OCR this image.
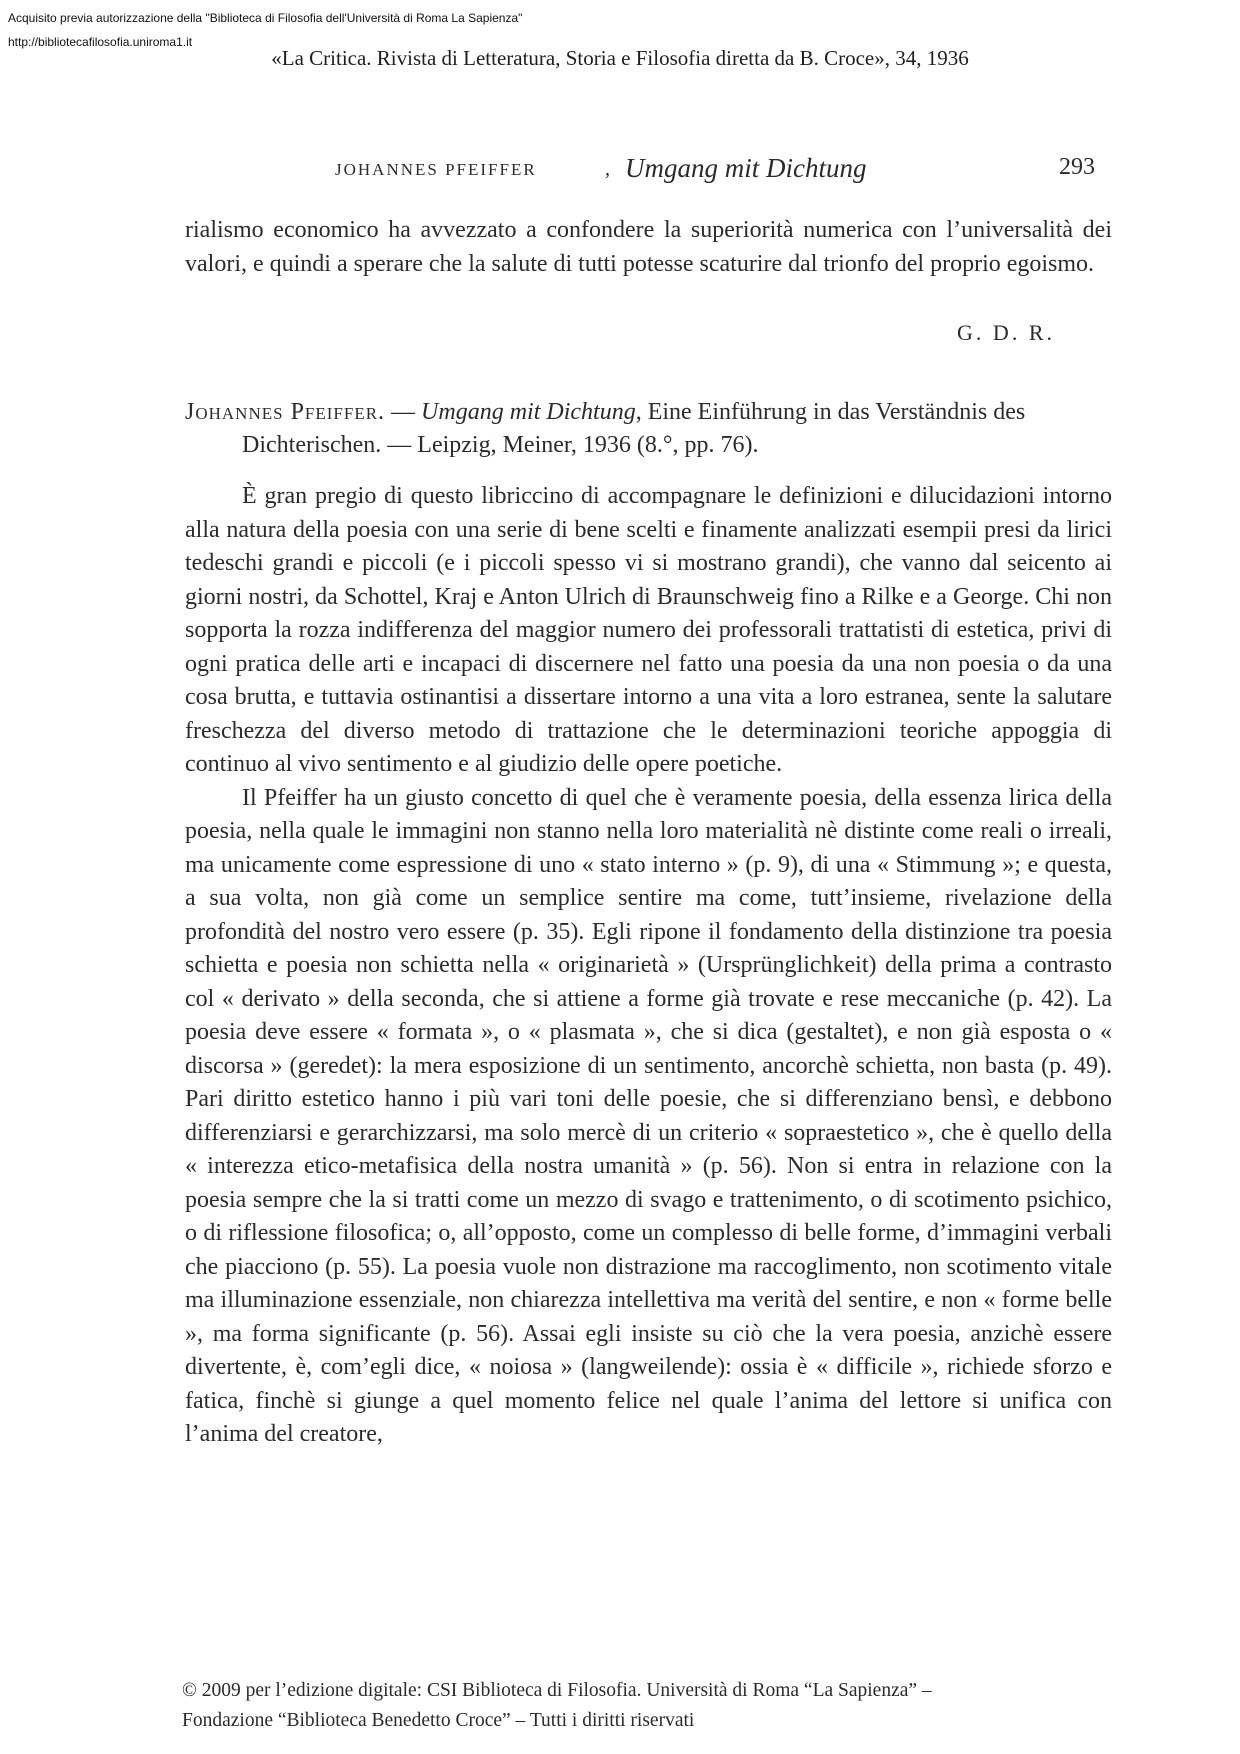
Acquisito previa autorizzazione della "Biblioteca di Filosofia dell'Università di Roma La Sapienza"
http://bibliotecafilosofia.uniroma1.it
«La Critica. Rivista di Letteratura, Storia e Filosofia diretta da B. Croce», 34, 1936
JOHANNES PFEIFFER	, Umgang mit Dichtung	293

rialismo economico ha avvezzato a confondere la superiorità numerica con l’universalità dei valori, e quindi a sperare che la salute di tutti potesse scaturire dal trionfo del proprio egoismo.

G. D. R.
Johannes Pfeiffer. — Umgang mit Dichtung, Eine Einführung in das Verständnis des Dichterischen. — Leipzig, Meiner, 1936 (8.°, pp. 76).

È gran pregio di questo libriccino di accompagnare le definizioni e dilucidazioni intorno alla natura della poesia con una serie di bene scelti e finamente analizzati esempii presi da lirici tedeschi grandi e piccoli (e i piccoli spesso vi si mostrano grandi), che vanno dal seicento ai giorni nostri, da Schottel, Kraj e Anton Ulrich di Braunschweig fino a Rilke e a George. Chi non sopporta la rozza indifferenza del maggior numero dei professorali trattatisti di estetica, privi di ogni pratica delle arti e incapaci di discernere nel fatto una poesia da una non poesia o da una cosa brutta, e tuttavia ostinantisi a dissertare intorno a una vita a loro estranea, sente la salutare freschezza del diverso metodo di trattazione che le determinazioni teoriche appoggia di continuo al vivo sentimento e al giudizio delle opere poetiche.

Il Pfeiffer ha un giusto concetto di quel che è veramente poesia, della essenza lirica della poesia, nella quale le immagini non stanno nella loro materialità nè distinte come reali o irreali, ma unicamente come espressione di uno « stato interno » (p. 9), di una « Stimmung »; e questa, a sua volta, non già come un semplice sentire ma come, tutt’insieme, rivelazione della profondità del nostro vero essere (p. 35). Egli ripone il fondamento della distinzione tra poesia schietta e poesia non schietta nella « originarietà » (Ursprünglichkeit) della prima a contrasto col « derivato » della seconda, che si attiene a forme già trovate e rese meccaniche (p. 42). La poesia deve essere « formata », o « plasmata », che si dica (gestaltet), e non già esposta o « discorsa » (geredet): la mera esposizione di un sentimento, ancorchè schietta, non basta (p. 49). Pari diritto estetico hanno i più vari toni delle poesie, che si differenziano bensì, e debbono differenziarsi e gerarchizzarsi, ma solo mercè di un criterio « sopraestetico », che è quello della « interezza etico-metafisica della nostra umanità » (p. 56). Non si entra in relazione con la poesia sempre che la si tratti come un mezzo di svago e trattenimento, o di scotimento psichico, o di riflessione filosofica; o, all’opposto, come un complesso di belle forme, d’immagini verbali che piacciono (p. 55). La poesia vuole non distrazione ma raccoglimento, non scotimento vitale ma illuminazione essenziale, non chiarezza intellettiva ma verità del sentire, e non « forme belle », ma forma significante (p. 56). Assai egli insiste su ciò che la vera poesia, anzichè essere divertente, è, com’egli dice, « noiosa » (langweilende): ossia è « difficile », richiede sforzo e fatica, finchè si giunge a quel momento felice nel quale l’anima del lettore si unifica con l’anima del creatore,

© 2009 per l’edizione digitale: CSI Biblioteca di Filosofia. Università di Roma “La Sapienza” –
Fondazione “Biblioteca Benedetto Croce” – Tutti i diritti riservati
